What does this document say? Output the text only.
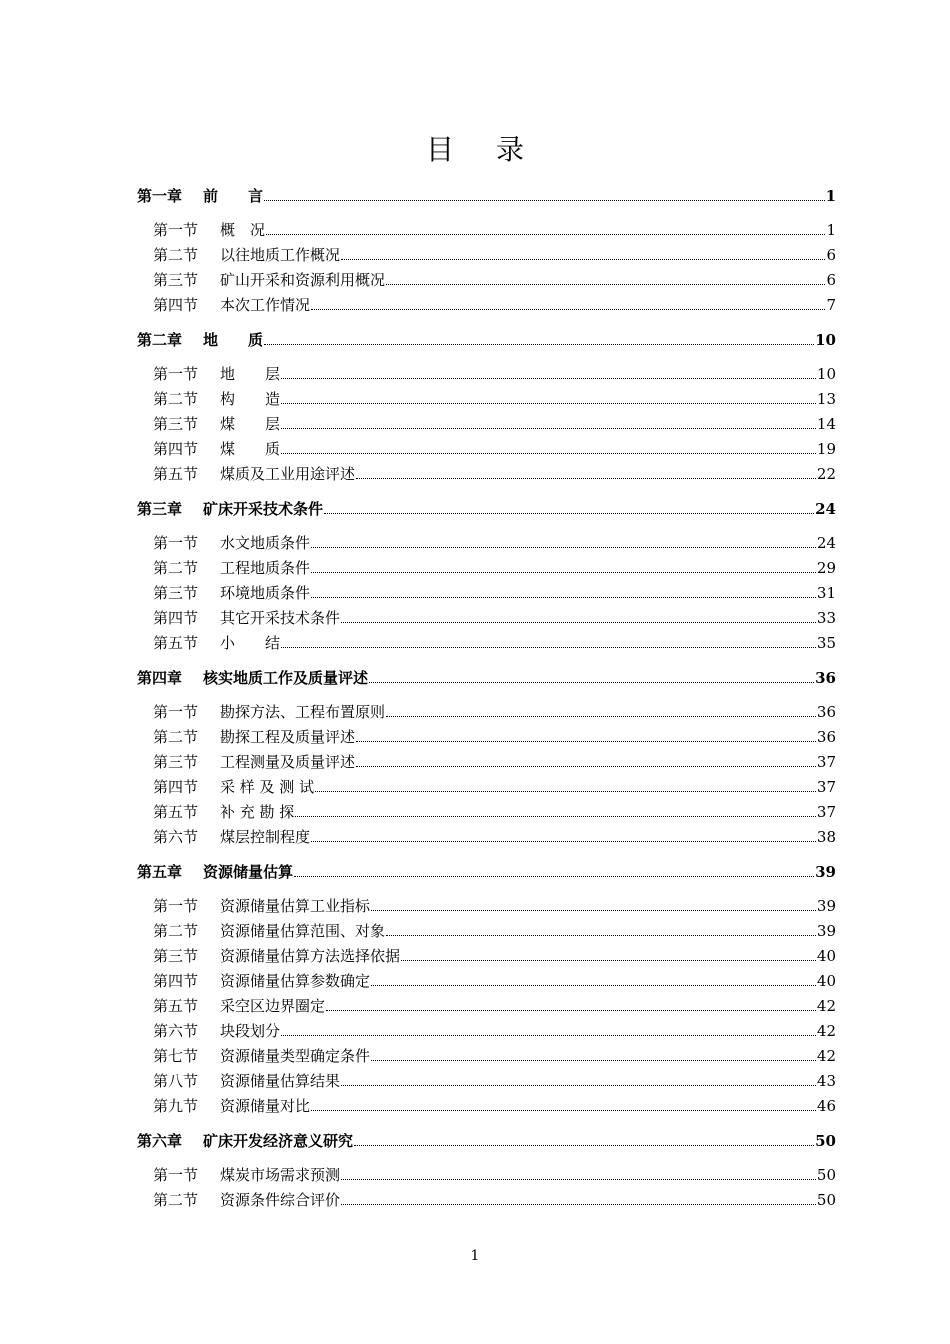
目 录
第一章	前　　言	1
第一节	概　况	1
第二节	以往地质工作概况	6
第三节	矿山开采和资源利用概况	6
第四节	本次工作情况	7
第二章	地　　质	10
第一节	地　　层	10
第二节	构　　造	13
第三节	煤　　层	14
第四节	煤　　质	19
第五节	煤质及工业用途评述	22
第三章	矿床开采技术条件	24
第一节	水文地质条件	24
第二节	工程地质条件	29
第三节	环境地质条件	31
第四节	其它开采技术条件	33
第五节	小　　结	35
第四章	核实地质工作及质量评述	36
第一节	勘探方法、工程布置原则	36
第二节	勘探工程及质量评述	36
第三节	工程测量及质量评述	37
第四节	采 样 及 测 试	37
第五节	补 充 勘 探	37
第六节	煤层控制程度	38
第五章	资源储量估算	39
第一节	资源储量估算工业指标	39
第二节	资源储量估算范围、对象	39
第三节	资源储量估算方法选择依据	40
第四节	资源储量估算参数确定	40
第五节	采空区边界圈定	42
第六节	块段划分	42
第七节	资源储量类型确定条件	42
第八节	资源储量估算结果	43
第九节	资源储量对比	46
第六章	矿床开发经济意义研究	50
第一节	煤炭市场需求预测	50
第二节	资源条件综合评价	50
1
